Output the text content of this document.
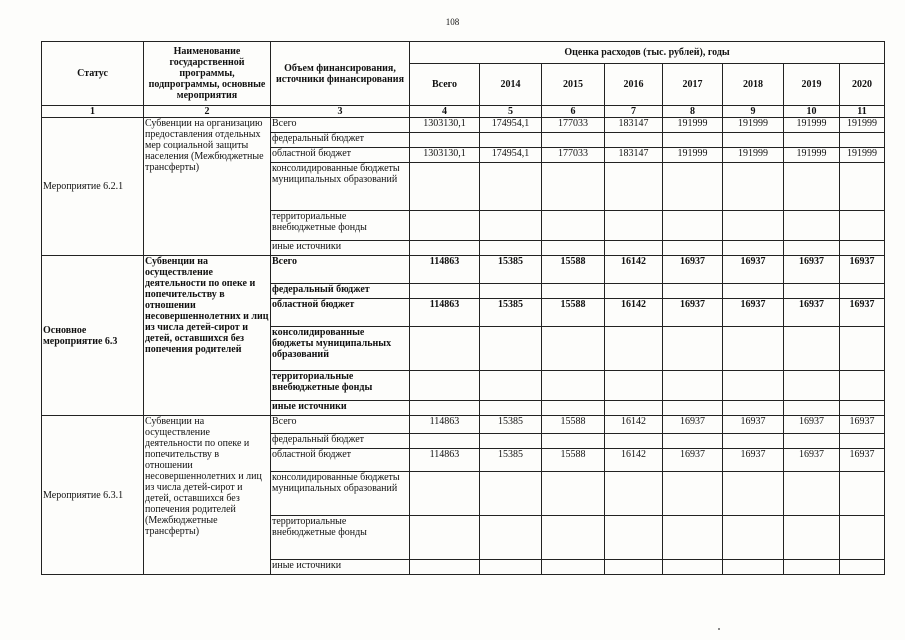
108
Статус	Наименование государственной программы, подпрограммы, основные мероприятия	Объем финансирования, источники финансирования	Оценка расходов (тыс. рублей), годы							
			Всего	2014	2015	2016	2017	2018	2019	2020
1	2	3	4	5	6	7	8	9	10	11
Мероприятие 6.2.1	Субвенции на организацию предоставления отдельных мер социальной защиты населения (Межбюджетные трансферты)	Всего	1303130,1	174954,1	177033	183147	191999	191999	191999	191999
		федеральный бюджет								
		областной бюджет	1303130,1	174954,1	177033	183147	191999	191999	191999	191999
		консолидированные бюджеты муниципальных образований								
		территориальные внебюджетные фонды								
		иные источники								
Основное мероприятие 6.3	Субвенции на осуществление деятельности по опеке и попечительству в отношении несовершеннолетних и лиц из числа детей-сирот и детей, оставшихся без попечения родителей	Всего	114863	15385	15588	16142	16937	16937	16937	16937
		федеральный бюджет								
		областной бюджет	114863	15385	15588	16142	16937	16937	16937	16937
		консолидированные бюджеты муниципальных образований								
		территориальные внебюджетные фонды								
		иные источники								
Мероприятие 6.3.1	Субвенции на осуществление деятельности по опеке и попечительству в отношении несовершеннолетних и лиц из числа детей-сирот и детей, оставшихся без попечения родителей (Межбюджетные трансферты)	Всего	114863	15385	15588	16142	16937	16937	16937	16937
		федеральный бюджет								
		областной бюджет	114863	15385	15588	16142	16937	16937	16937	16937
		консолидированные бюджеты муниципальных образований								
		территориальные внебюджетные фонды								
		иные источники								
